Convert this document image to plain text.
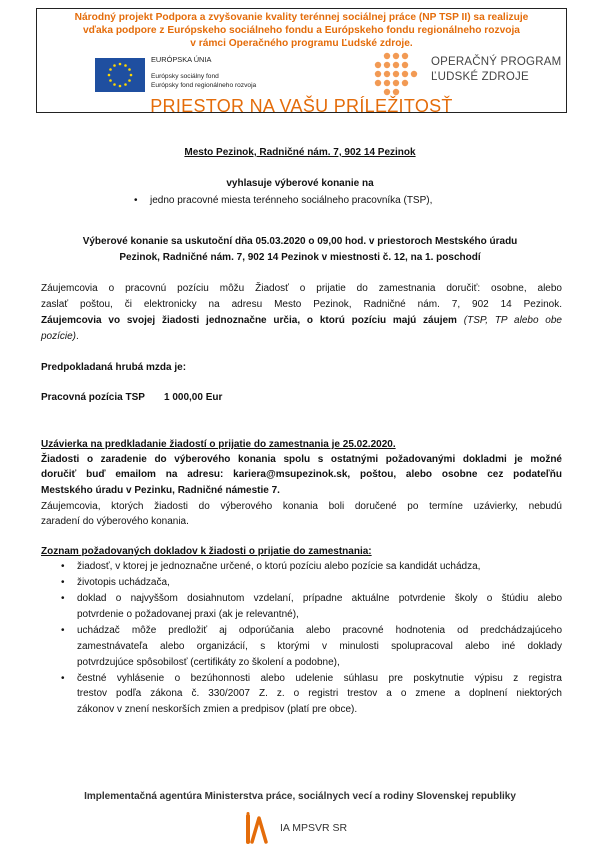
Národný projekt Podpora a zvyšovanie kvality terénnej sociálnej práce (NP TSP II) sa realizuje
vďaka podpore z Európskeho sociálneho fondu a Európskeho fondu regionálneho rozvoja
v rámci Operačného programu Ľudské zdroje.
EURÓPSKA ÚNIA
Európsky sociálny fond
Európsky fond regionálneho rozvoja
OPERAČNÝ PROGRAM
ĽUDSKÉ ZDROJE
PRIESTOR NA VAŠU PRÍLEŽITOSŤ
Mesto Pezinok, Radničné nám. 7, 902 14 Pezinok
vyhlasuje výberové konanie na
• jedno pracovné miesta terénneho sociálneho pracovníka (TSP),
Výberové konanie sa uskutoční dňa 05.03.2020 o 09,00 hod. v priestoroch Mestského úradu
Pezinok, Radničné nám. 7, 902 14 Pezinok v miestnosti č. 12, na 1. poschodí
Záujemcovia o pracovnú pozíciu môžu Žiadosť o prijatie do zamestnania doručiť: osobne, alebo
zaslať poštou, či elektronicky na adresu Mesto Pezinok, Radničné nám. 7, 902 14 Pezinok.
Záujemcovia vo svojej žiadosti jednoznačne určia, o ktorú pozíciu majú záujem (TSP, TP alebo obe
pozície).
Predpokladaná hrubá mzda je:
Pracovná pozícia TSP 1 000,00 Eur
Uzávierka na predkladanie žiadostí o prijatie do zamestnania je 25.02.2020.
Žiadosti o zaradenie do výberového konania spolu s ostatnými požadovanými dokladmi je možné
doručiť buď emailom na adresu: kariera@msupezinok.sk, poštou, alebo osobne cez podateľňu
Mestského úradu v Pezinku, Radničné námestie 7.
Záujemcovia, ktorých žiadosti do výberového konania boli doručené po termíne uzávierky, nebudú
zaradení do výberového konania.
Zoznam požadovaných dokladov k žiadosti o prijatie do zamestnania:
• žiadosť, v ktorej je jednoznačne určené, o ktorú pozíciu alebo pozície sa kandidát uchádza,
• životopis uchádzača,
• doklad o najvyššom dosiahnutom vzdelaní, prípadne aktuálne potvrdenie školy o štúdiu alebo
potvrdenie o požadovanej praxi (ak je relevantné),
• uchádzač môže predložiť aj odporúčania alebo pracovné hodnotenia od predchádzajúceho
zamestnávateľa alebo organizácií, s ktorými v minulosti spolupracoval alebo iné doklady
potvrdzujúce spôsobilosť (certifikáty zo školení a podobne),
• čestné vyhlásenie o bezúhonnosti alebo udelenie súhlasu pre poskytnutie výpisu z registra
trestov podľa zákona č. 330/2007 Z. z. o registri trestov a o zmene a doplnení niektorých
zákonov v znení neskorších zmien a predpisov (platí pre obce).
Implementačná agentúra Ministerstva práce, sociálnych vecí a rodiny Slovenskej republiky
IA MPSVR SR
